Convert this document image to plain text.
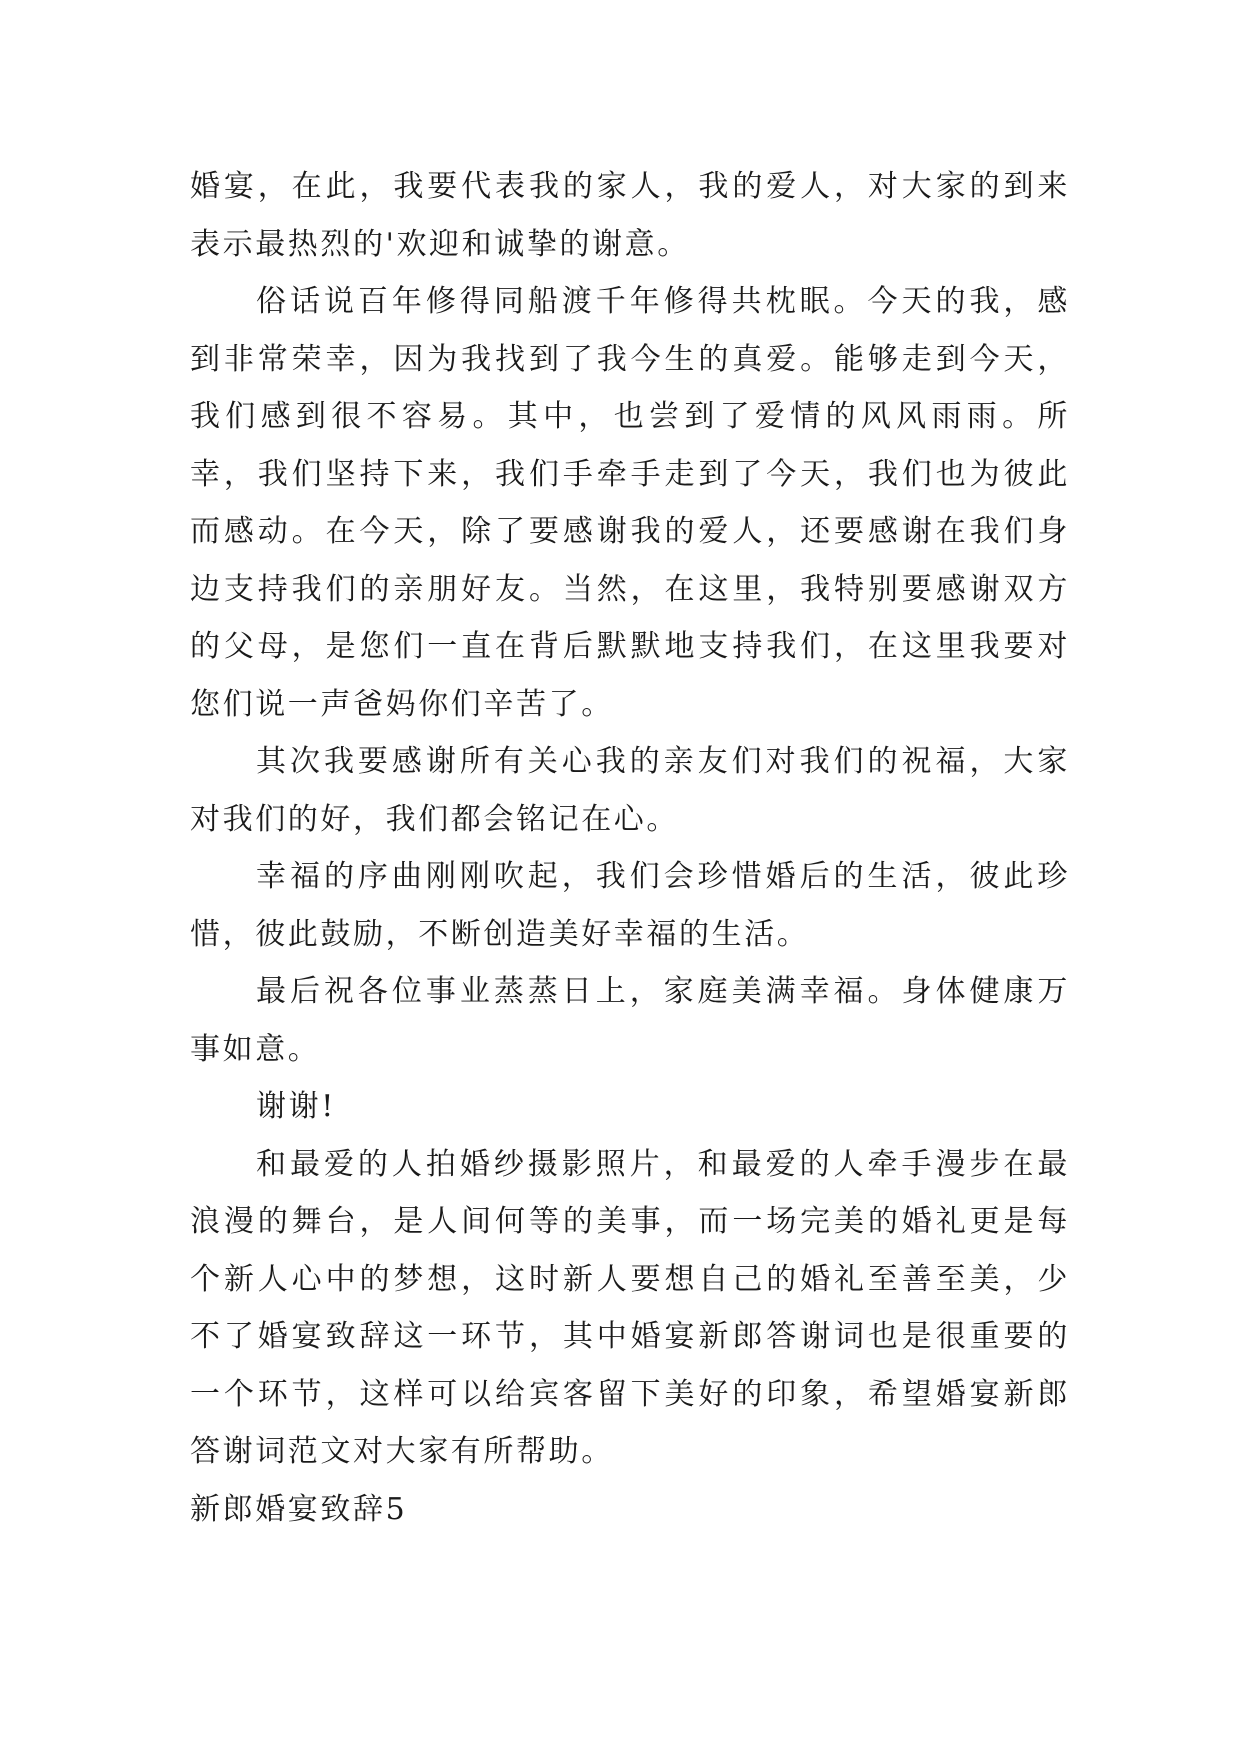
婚宴，在此，我要代表我的家人，我的爱人，对大家的到来表示最热烈的'欢迎和诚挚的谢意。

俗话说百年修得同船渡千年修得共枕眠。今天的我，感到非常荣幸，因为我找到了我今生的真爱。能够走到今天，我们感到很不容易。其中，也尝到了爱情的风风雨雨。所幸，我们坚持下来，我们手牵手走到了今天，我们也为彼此而感动。在今天，除了要感谢我的爱人，还要感谢在我们身边支持我们的亲朋好友。当然，在这里，我特别要感谢双方的父母，是您们一直在背后默默地支持我们，在这里我要对您们说一声爸妈你们辛苦了。

其次我要感谢所有关心我的亲友们对我们的祝福，大家对我们的好，我们都会铭记在心。

幸福的序曲刚刚吹起，我们会珍惜婚后的生活，彼此珍惜，彼此鼓励，不断创造美好幸福的生活。

最后祝各位事业蒸蒸日上，家庭美满幸福。身体健康万事如意。

谢谢!

和最爱的人拍婚纱摄影照片，和最爱的人牵手漫步在最浪漫的舞台，是人间何等的美事，而一场完美的婚礼更是每个新人心中的梦想，这时新人要想自己的婚礼至善至美，少不了婚宴致辞这一环节，其中婚宴新郎答谢词也是很重要的一个环节，这样可以给宾客留下美好的印象，希望婚宴新郎答谢词范文对大家有所帮助。

新郎婚宴致辞5
